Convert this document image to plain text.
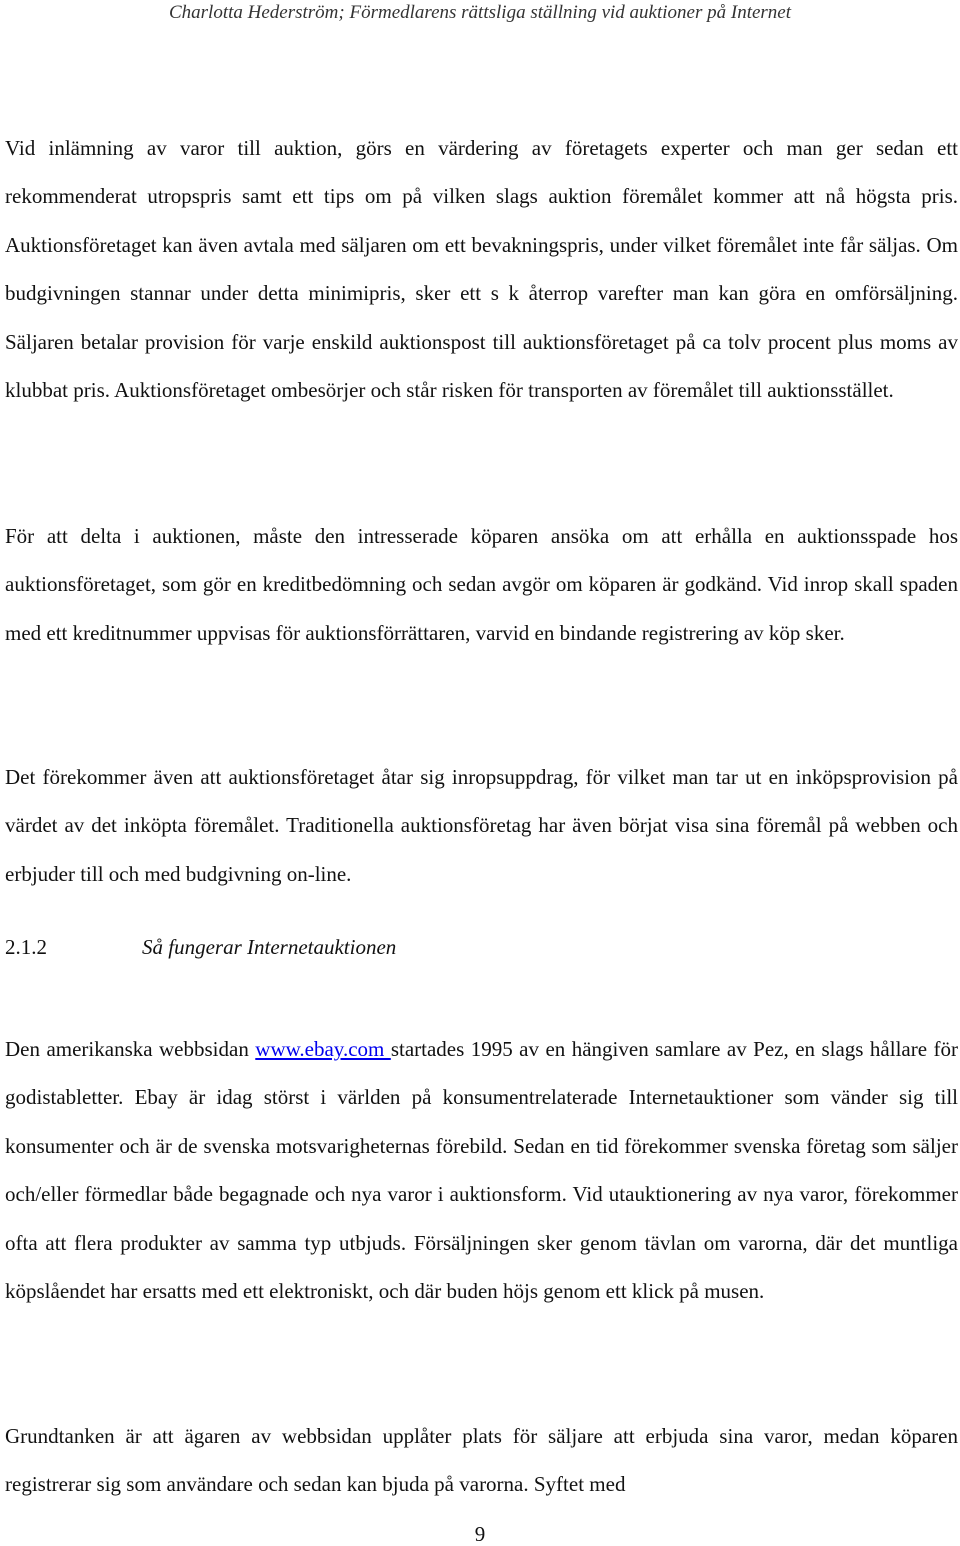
Charlotta Hederström; Förmedlarens rättsliga ställning vid auktioner på Internet

Vid inlämning av varor till auktion, görs en värdering av företagets experter och man ger sedan ett rekommenderat utropspris samt ett tips om på vilken slags auktion föremålet kommer att nå högsta pris. Auktionsföretaget kan även avtala med säljaren om ett bevakningspris, under vilket föremålet inte får säljas. Om budgivningen stannar under detta minimipris, sker ett s k återrop varefter man kan göra en omförsäljning. Säljaren betalar provision för varje enskild auktionspost till auktionsföretaget på ca tolv procent plus moms av klubbat pris. Auktionsföretaget ombesörjer och står risken för transporten av föremålet till auktionsstället.

För att delta i auktionen, måste den intresserade köparen ansöka om att erhålla en auktionsspade hos auktionsföretaget, som gör en kreditbedömning och sedan avgör om köparen är godkänd. Vid inrop skall spaden med ett kreditnummer uppvisas för auktionsförrättaren, varvid en bindande registrering av köp sker.

Det förekommer även att auktionsföretaget åtar sig inropsuppdrag, för vilket man tar ut en inköpsprovision på värdet av det inköpta föremålet. Traditionella auktionsföretag har även börjat visa sina föremål på webben och erbjuder till och med budgivning on-line.

2.1.2	Så fungerar Internetauktionen

Den amerikanska webbsidan www.ebay.com startades 1995 av en hängiven samlare av Pez, en slags hållare för godistabletter. Ebay är idag störst i världen på konsumentrelaterade Internetauktioner som vänder sig till konsumenter och är de svenska motsvarigheternas förebild. Sedan en tid förekommer svenska företag som säljer och/eller förmedlar både begagnade och nya varor i auktionsform. Vid utauktionering av nya varor, förekommer ofta att flera produkter av samma typ utbjuds. Försäljningen sker genom tävlan om varorna, där det muntliga köpslåendet har ersatts med ett elektroniskt, och där buden höjs genom ett klick på musen.

Grundtanken är att ägaren av webbsidan upplåter plats för säljare att erbjuda sina varor, medan köparen registrerar sig som användare och sedan kan bjuda på varorna. Syftet med

9
